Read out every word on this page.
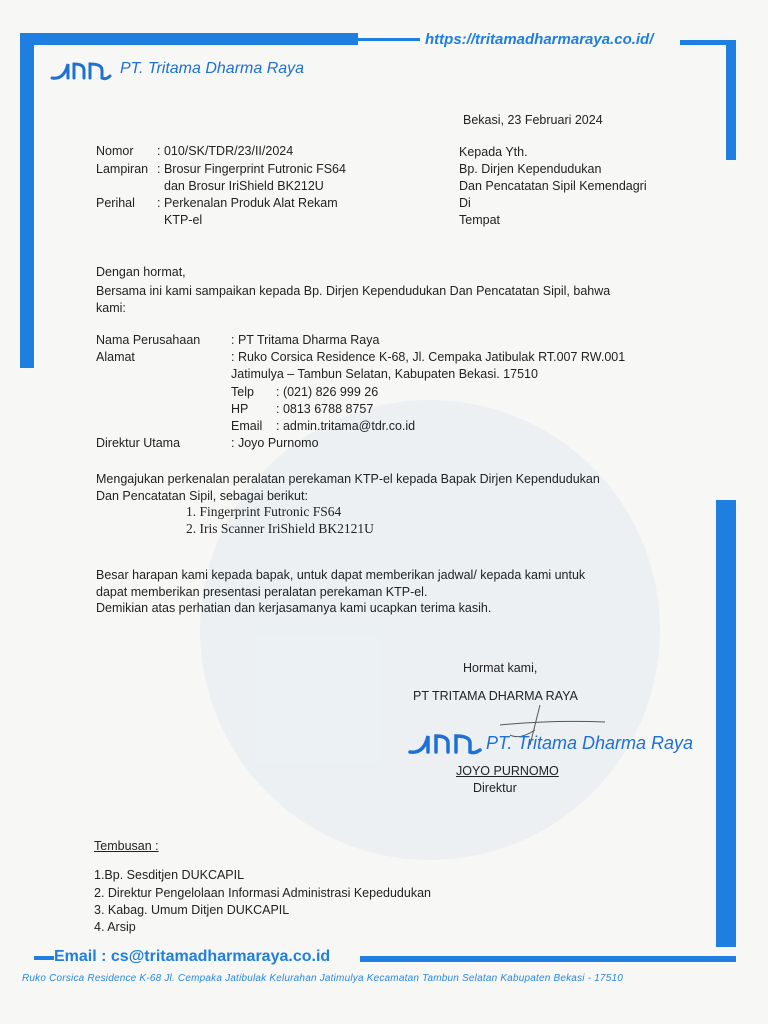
https://tritamadharmaraya.co.id/
PT. Tritama Dharma Raya
Bekasi, 23 Februari 2024
Nomor : 010/SK/TDR/23/II/2024
Lampiran : Brosur Fingerprint Futronic FS64
dan Brosur IriShield BK212U
Perihal : Perkenalan Produk Alat Rekam
KTP-el
Kepada Yth.
Bp. Dirjen Kependudukan
Dan Pencatatan Sipil Kemendagri
Di
Tempat
Dengan hormat,
Bersama ini kami sampaikan kepada Bp. Dirjen Kependudukan Dan Pencatatan Sipil, bahwa
kami:
Nama Perusahaan : PT Tritama Dharma Raya
Alamat	: Ruko Corsica Residence K-68, Jl. Cempaka Jatibulak RT.007 RW.001
Jatimulya – Tambun Selatan, Kabupaten Bekasi. 17510
Telp : (021) 826 999 26
HP : 0813 6788 8757
Email : admin.tritama@tdr.co.id
Direktur Utama	: Joyo Purnomo
Mengajukan perkenalan peralatan perekaman KTP-el kepada Bapak Dirjen Kependudukan
Dan Pencatatan Sipil, sebagai berikut:
1. Fingerprint Futronic FS64
2. Iris Scanner IriShield BK2121U
Besar harapan kami kepada bapak, untuk dapat memberikan jadwal/ kepada kami untuk
dapat memberikan presentasi peralatan perekaman KTP-el.
Demikian atas perhatian dan kerjasamanya kami ucapkan terima kasih.
Hormat kami,
PT TRITAMA DHARMA RAYA
PT. Tritama Dharma Raya
JOYO PURNOMO
Direktur
Tembusan :
1.Bp. Sesditjen DUKCAPIL
2. Direktur Pengelolaan Informasi Administrasi Kepedudukan
3. Kabag. Umum Ditjen DUKCAPIL
4. Arsip
Email : cs@tritamadharmaraya.co.id
Ruko Corsica Residence K-68 Jl. Cempaka Jatibulak Kelurahan Jatimulya Kecamatan Tambun Selatan Kabupaten Bekasi - 17510
